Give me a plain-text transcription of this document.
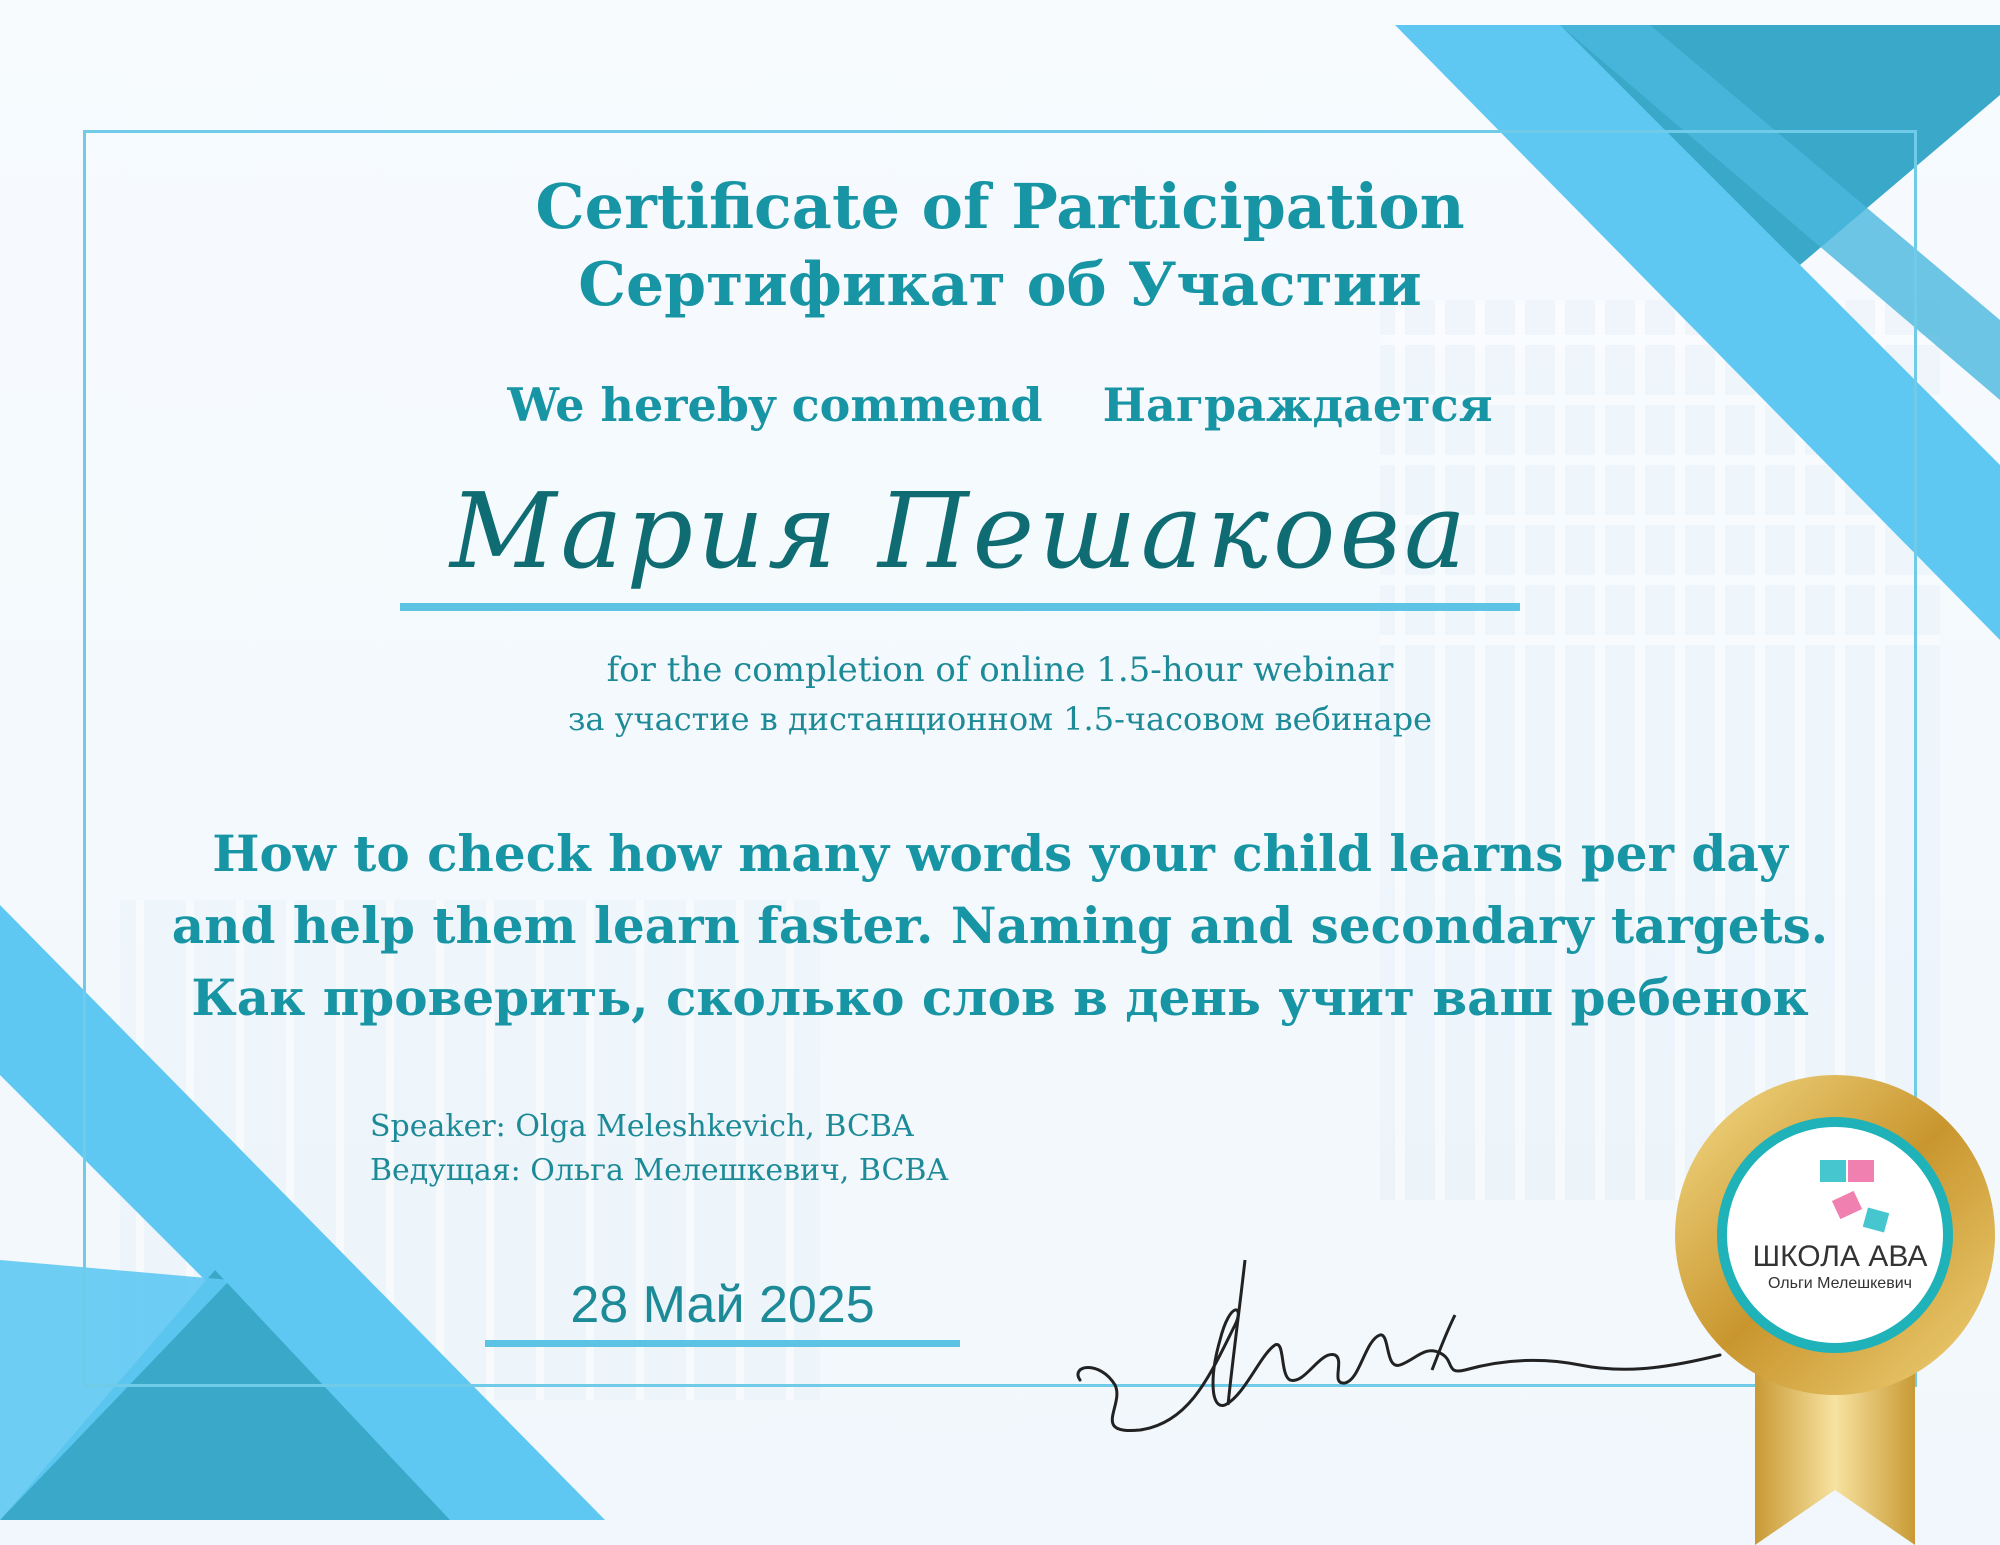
Certificate of Participation
Сертификат об Участии
We hereby commend Награждается
Мария Пешакова
for the completion of online 1.5-hour webinar
за участие в дистанционном 1.5-часовом вебинаре
How to check how many words your child learns per day
and help them learn faster. Naming and secondary targets.
Как проверить, сколько слов в день учит ваш ребенок
Speaker: Olga Meleshkevich, BCBA
Ведущая: Ольга Мелешкевич, BCBA
28 Май 2025
ШКОЛА АВА
Ольги Мелешкевич
